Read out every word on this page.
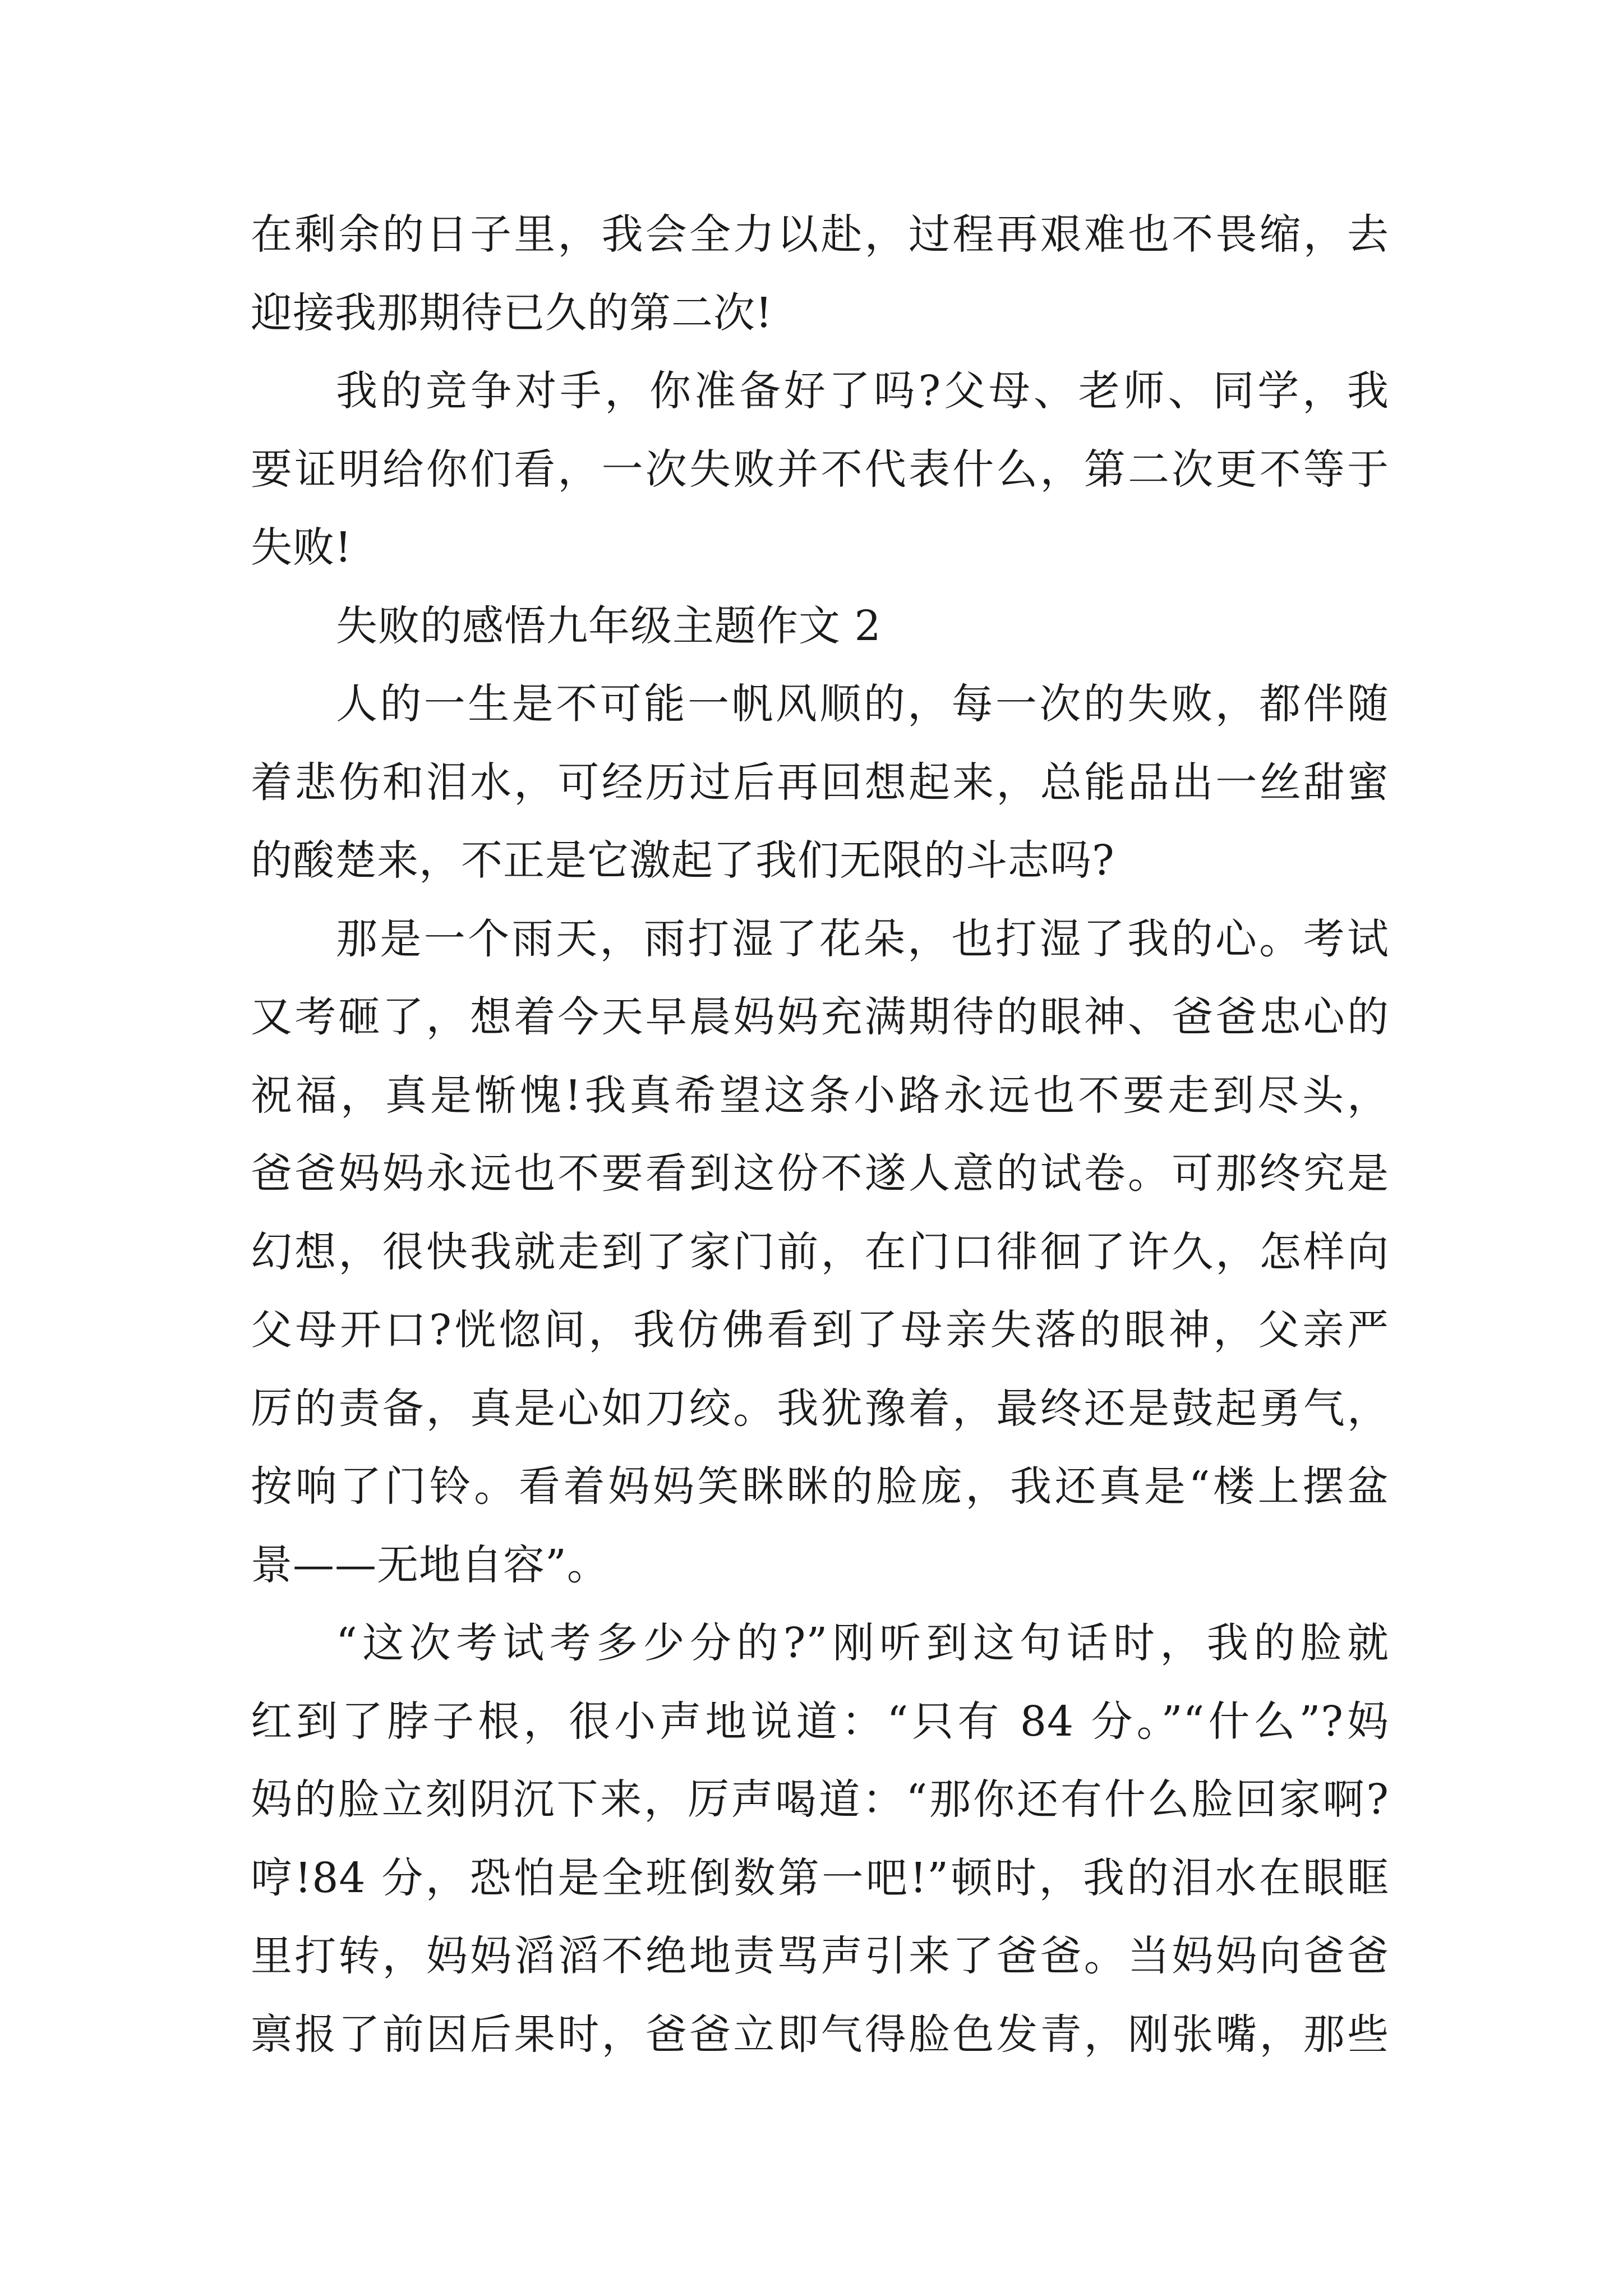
在剩余的日子里，我会全力以赴，过程再艰难也不畏缩，去
迎接我那期待已久的第二次!
我的竞争对手，你准备好了吗?父母、老师、同学，我
要证明给你们看，一次失败并不代表什么，第二次更不等于
失败!
失败的感悟九年级主题作文 2
人的一生是不可能一帆风顺的，每一次的失败，都伴随
着悲伤和泪水，可经历过后再回想起来，总能品出一丝甜蜜
的酸楚来，不正是它激起了我们无限的斗志吗?
那是一个雨天，雨打湿了花朵，也打湿了我的心。考试
又考砸了，想着今天早晨妈妈充满期待的眼神、爸爸忠心的
祝福，真是惭愧!我真希望这条小路永远也不要走到尽头，
爸爸妈妈永远也不要看到这份不遂人意的试卷。可那终究是
幻想，很快我就走到了家门前，在门口徘徊了许久，怎样向
父母开口?恍惚间，我仿佛看到了母亲失落的眼神，父亲严
厉的责备，真是心如刀绞。我犹豫着，最终还是鼓起勇气，
按响了门铃。看着妈妈笑眯眯的脸庞，我还真是“楼上摆盆
景——无地自容”。
“这次考试考多少分的?”刚听到这句话时，我的脸就
红到了脖子根，很小声地说道：“只有 84 分。”“什么”?妈
妈的脸立刻阴沉下来，厉声喝道：“那你还有什么脸回家啊?
哼!84 分，恐怕是全班倒数第一吧!”顿时，我的泪水在眼眶
里打转，妈妈滔滔不绝地责骂声引来了爸爸。当妈妈向爸爸
禀报了前因后果时，爸爸立即气得脸色发青，刚张嘴，那些
